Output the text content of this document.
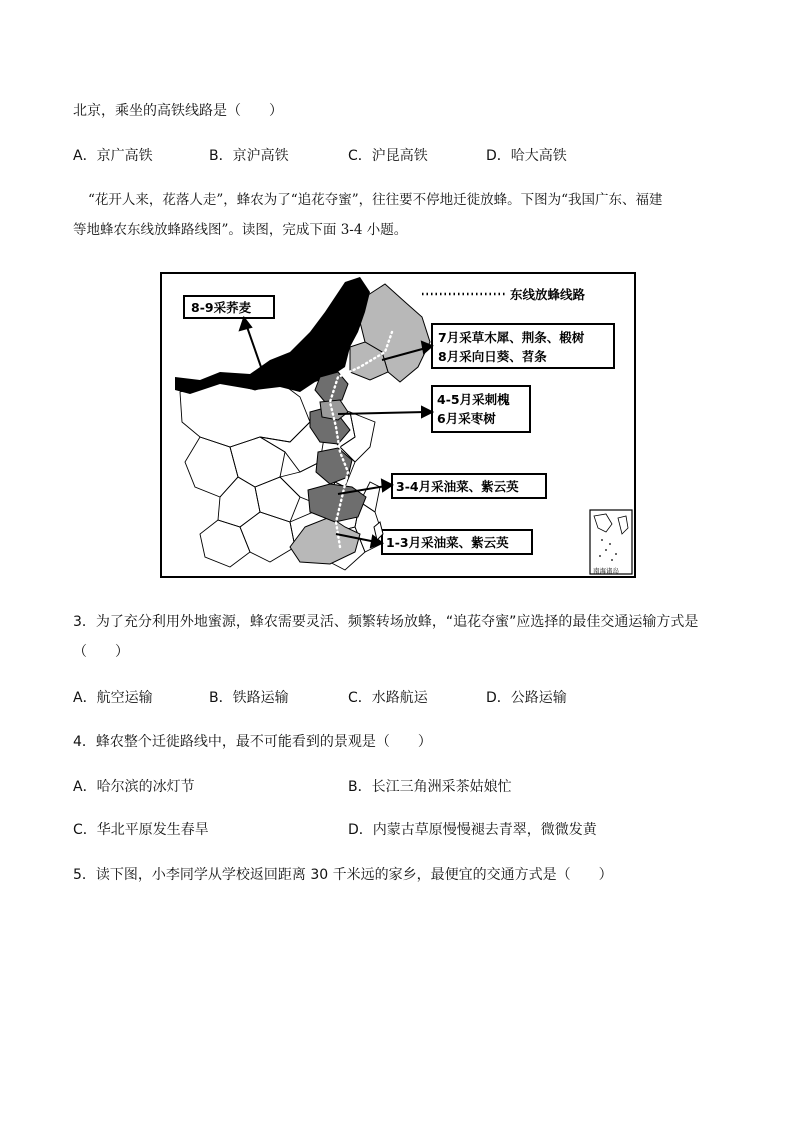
北京，乘坐的高铁线路是（　　）
A．京广高铁	B．京沪高铁	C．沪昆高铁	D．哈大高铁
“花开人来，花落人走”，蜂农为了“追花夺蜜”，往往要不停地迁徙放蜂。下图为“我国广东、福建
等地蜂农东线放蜂路线图”。读图，完成下面 3-4 小题。
东线放蜂线路
8-9采荞麦
7月采草木犀、荆条、椴树
8月采向日葵、苕条
4-5月采刺槐
6月采枣树
3-4月采油菜、紫云英
1-3月采油菜、紫云英
南海诸岛
3．为了充分利用外地蜜源，蜂农需要灵活、频繁转场放蜂，“追花夺蜜”应选择的最佳交通运输方式是
（　　）
A．航空运输	B．铁路运输	C．水路航运	D．公路运输
4．蜂农整个迁徙路线中，最不可能看到的景观是（　　）
A．哈尔滨的冰灯节	B．长江三角洲采茶姑娘忙
C．华北平原发生春旱	D．内蒙古草原慢慢褪去青翠，微微发黄
5．读下图，小李同学从学校返回距离 30 千米远的家乡，最便宜的交通方式是（　　）
